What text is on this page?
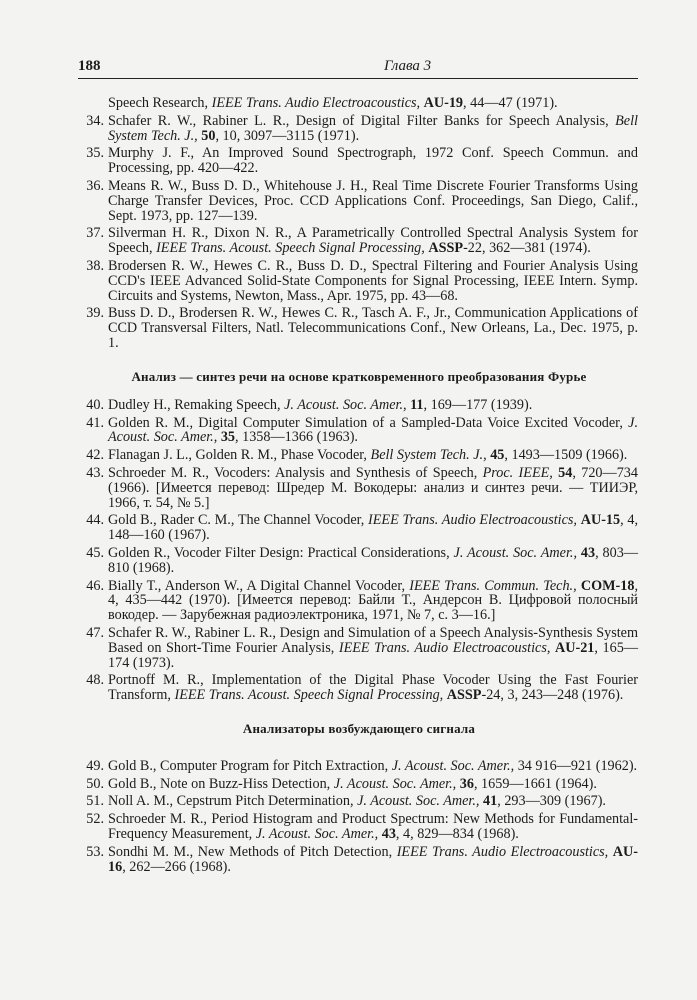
188	Глава 3
Speech Research, IEEE Trans. Audio Electroacoustics, AU-19, 44—47 (1971).
34. Schafer R. W., Rabiner L. R., Design of Digital Filter Banks for Speech Analysis, Bell System Tech. J., 50, 10, 3097—3115 (1971).
35. Murphy J. F., An Improved Sound Spectrograph, 1972 Conf. Speech Commun. and Processing, pp. 420—422.
36. Means R. W., Buss D. D., Whitehouse J. H., Real Time Discrete Fourier Transforms Using Charge Transfer Devices, Proc. CCD Applications Conf. Proceedings, San Diego, Calif., Sept. 1973, pp. 127—139.
37. Silverman H. R., Dixon N. R., A Parametrically Controlled Spectral Analysis System for Speech, IEEE Trans. Acoust. Speech Signal Processing, ASSP-22, 362—381 (1974).
38. Brodersen R. W., Hewes C. R., Buss D. D., Spectral Filtering and Fourier Analysis Using CCD's IEEE Advanced Solid-State Components for Signal Processing, IEEE Intern. Symp. Circuits and Systems, Newton, Mass., Apr. 1975, pp. 43—68.
39. Buss D. D., Brodersen R. W., Hewes C. R., Tasch A. F., Jr., Communication Applications of CCD Transversal Filters, Natl. Telecommunications Conf., New Orleans, La., Dec. 1975, p. 1.
Анализ — синтез речи на основе кратковременного преобразования Фурье
40. Dudley H., Remaking Speech, J. Acoust. Soc. Amer., 11, 169—177 (1939).
41. Golden R. M., Digital Computer Simulation of a Sampled-Data Voice Excited Vocoder, J. Acoust. Soc. Amer., 35, 1358—1366 (1963).
42. Flanagan J. L., Golden R. M., Phase Vocoder, Bell System Tech. J., 45, 1493—1509 (1966).
43. Schroeder M. R., Vocoders: Analysis and Synthesis of Speech, Proc. IEEE, 54, 720—734 (1966). [Имеется перевод: Шредер М. Вокодеры: анализ и синтез речи. — ТИИЭР, 1966, т. 54, № 5.]
44. Gold B., Rader C. M., The Channel Vocoder, IEEE Trans. Audio Electroacoustics, AU-15, 4, 148—160 (1967).
45. Golden R., Vocoder Filter Design: Practical Considerations, J. Acoust. Soc. Amer., 43, 803—810 (1968).
46. Bially T., Anderson W., A Digital Channel Vocoder, IEEE Trans. Commun. Tech., COM-18, 4, 435—442 (1970). [Имеется перевод: Байли Т., Андерсон В. Цифровой полосный вокодер. — Зарубежная радиоэлектроника, 1971, № 7, с. 3—16.]
47. Schafer R. W., Rabiner L. R., Design and Simulation of a Speech Analysis-Synthesis System Based on Short-Time Fourier Analysis, IEEE Trans. Audio Electroacoustics, AU-21, 165—174 (1973).
48. Portnoff M. R., Implementation of the Digital Phase Vocoder Using the Fast Fourier Transform, IEEE Trans. Acoust. Speech Signal Processing, ASSP-24, 3, 243—248 (1976).
Анализаторы возбуждающего сигнала
49. Gold B., Computer Program for Pitch Extraction, J. Acoust. Soc. Amer., 34 916—921 (1962).
50. Gold B., Note on Buzz-Hiss Detection, J. Acoust. Soc. Amer., 36, 1659—1661 (1964).
51. Noll A. M., Cepstrum Pitch Determination, J. Acoust. Soc. Amer., 41, 293—309 (1967).
52. Schroeder M. R., Period Histogram and Product Spectrum: New Methods for Fundamental-Frequency Measurement, J. Acoust. Soc. Amer., 43, 4, 829—834 (1968).
53. Sondhi M. M., New Methods of Pitch Detection, IEEE Trans. Audio Electroacoustics, AU-16, 262—266 (1968).
